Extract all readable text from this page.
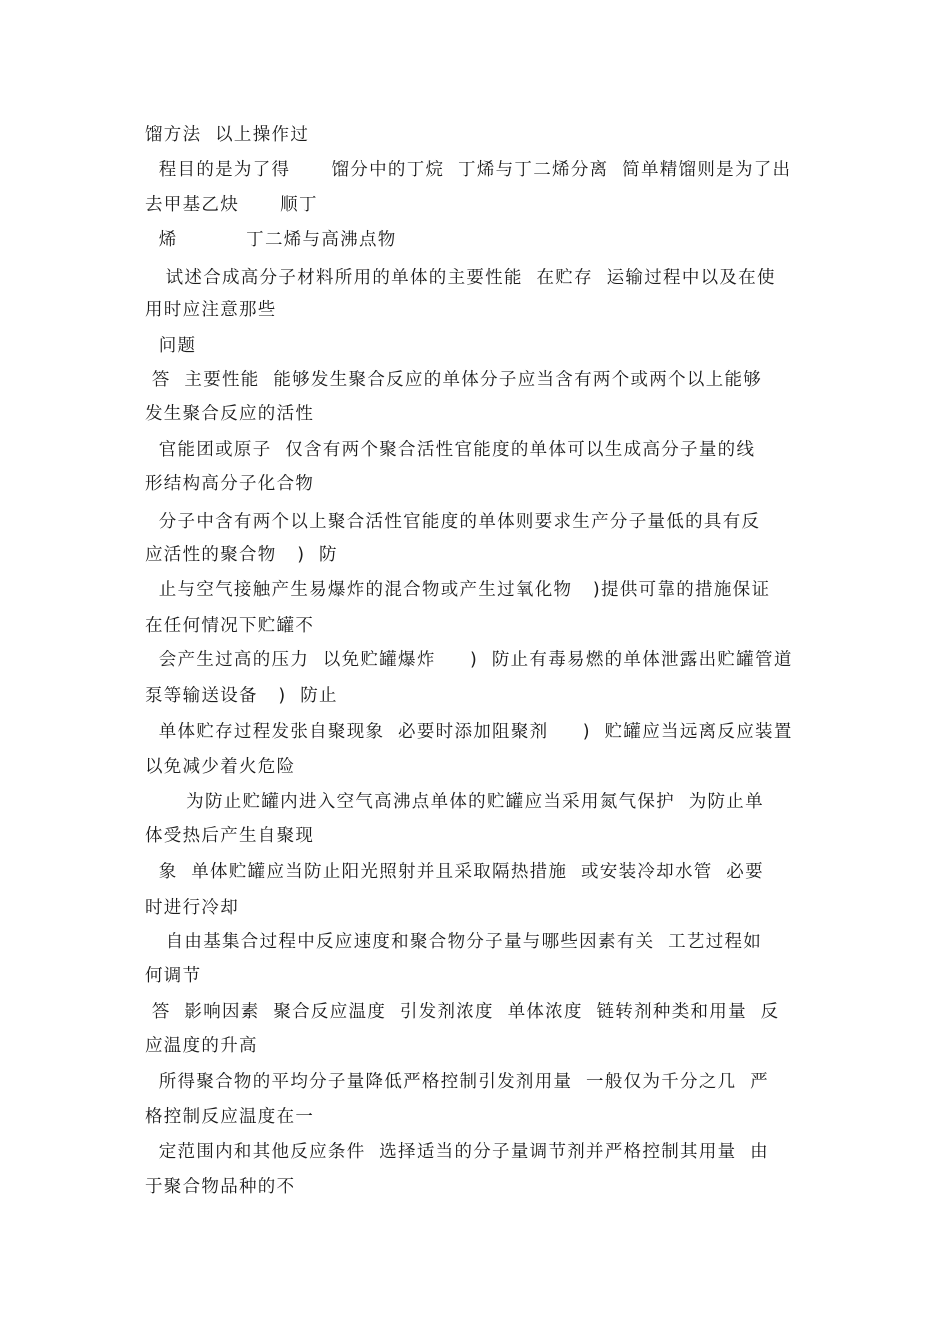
馏方法  以上操作过
程目的是为了得      馏分中的丁烷  丁烯与丁二烯分离  简单精馏则是为了出
去甲基乙炔      顺丁
烯          丁二烯与高沸点物
试述合成高分子材料所用的单体的主要性能  在贮存  运输过程中以及在使
用时应注意那些
问题
答  主要性能  能够发生聚合反应的单体分子应当含有两个或两个以上能够
发生聚合反应的活性
官能团或原子  仅含有两个聚合活性官能度的单体可以生成高分子量的线
形结构高分子化合物
分子中含有两个以上聚合活性官能度的单体则要求生产分子量低的具有反
应活性的聚合物   )  防
止与空气接触产生易爆炸的混合物或产生过氧化物   )提供可靠的措施保证
在任何情况下贮罐不
会产生过高的压力  以免贮罐爆炸     )  防止有毒易燃的单体泄露出贮罐管道
泵等输送设备   )  防止
单体贮存过程发张自聚现象  必要时添加阻聚剂     )  贮罐应当远离反应装置
以免减少着火危险
为防止贮罐内进入空气高沸点单体的贮罐应当采用氮气保护  为防止单
体受热后产生自聚现
象  单体贮罐应当防止阳光照射并且采取隔热措施  或安装冷却水管  必要
时进行冷却
自由基集合过程中反应速度和聚合物分子量与哪些因素有关  工艺过程如
何调节
答  影响因素  聚合反应温度  引发剂浓度  单体浓度  链转剂种类和用量  反
应温度的升高
所得聚合物的平均分子量降低严格控制引发剂用量  一般仅为千分之几  严
格控制反应温度在一
定范围内和其他反应条件  选择适当的分子量调节剂并严格控制其用量  由
于聚合物品种的不
